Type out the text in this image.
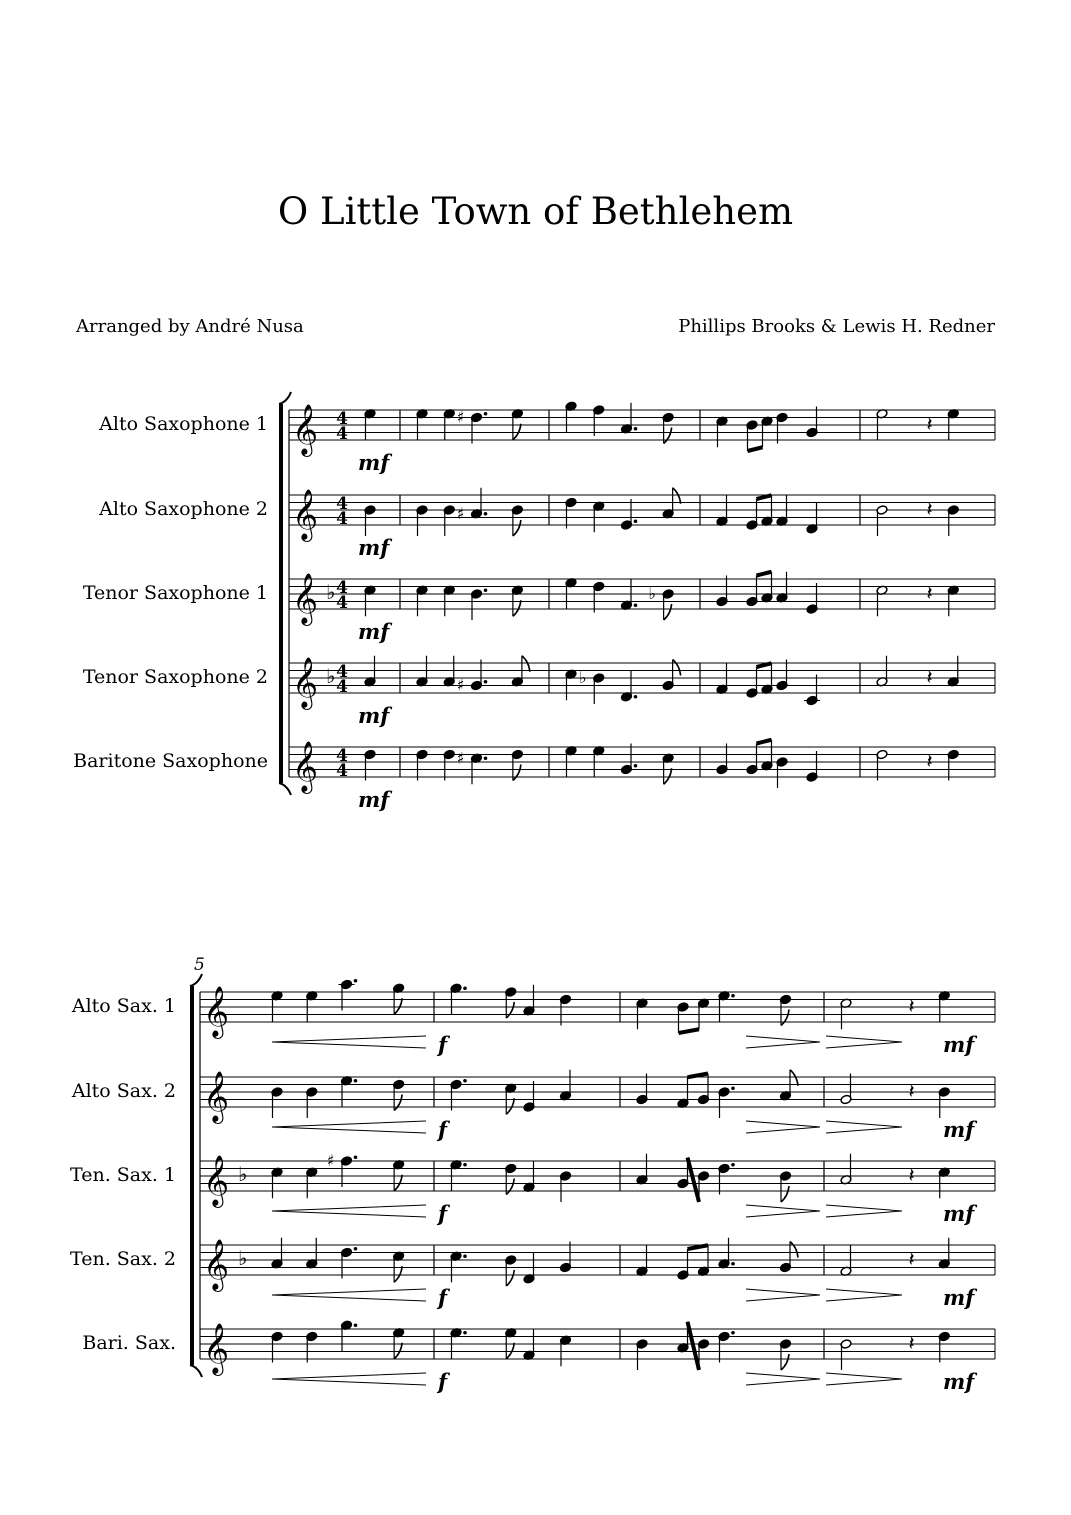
O Little Town of Bethlehem
Arranged by André Nusa	Phillips Brooks & Lewis H. Redner
Alto Saxophone 1 𝄞 4
4
♯	𝄽
mf
Alto Saxophone 2 𝄞 4
4	♯	𝄽
mf
Tenor Saxophone 1 𝄞 ♭ 4
4	♭	𝄽
mf
Tenor Saxophone 2 𝄞 ♭ 4
4	♯	♭	𝄽
mf
Baritone Saxophone 𝄞 4
4
♯	𝄽
mf
5
Alto Sax. 1 𝄞	𝄽
f	mf
Alto Sax. 2 𝄞	𝄽
f	mf
Ten. Sax. 1 𝄞 ♭
♯
𝄽
f	mf
Ten. Sax. 2 𝄞 ♭	𝄽
f	mf
Bari. Sax. 𝄞	𝄽
f	mf
